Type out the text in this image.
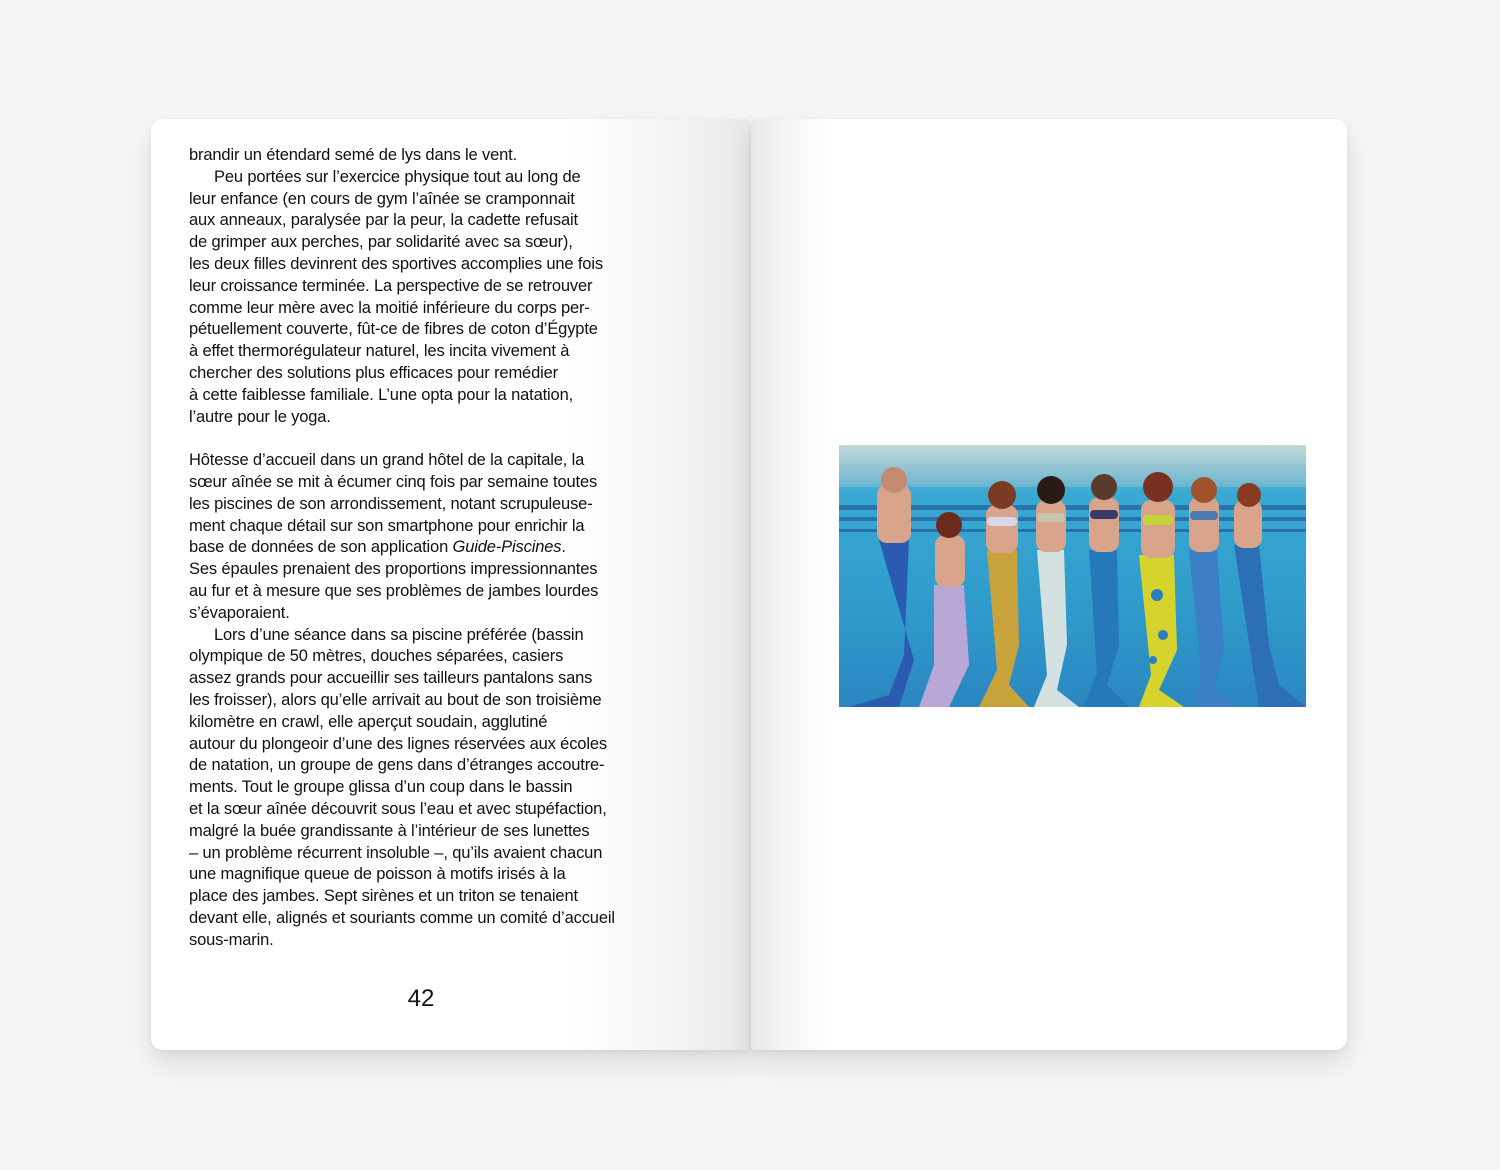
brandir un étendard semé de lys dans le vent.
Peu portées sur l’exercice physique tout au long de
leur enfance (en cours de gym l’aînée se cramponnait
aux anneaux, paralysée par la peur, la cadette refusait
de grimper aux perches, par solidarité avec sa sœur),
les deux filles devinrent des sportives accomplies une fois
leur croissance terminée. La perspective de se retrouver
comme leur mère avec la moitié inférieure du corps per-
pétuellement couverte, fût-ce de fibres de coton d’Égypte
à effet thermorégulateur naturel, les incita vivement à
chercher des solutions plus efficaces pour remédier
à cette faiblesse familiale. L’une opta pour la natation,
l’autre pour le yoga.
Hôtesse d’accueil dans un grand hôtel de la capitale, la
sœur aînée se mit à écumer cinq fois par semaine toutes
les piscines de son arrondissement, notant scrupuleuse-
ment chaque détail sur son smartphone pour enrichir la
base de données de son application Guide-Piscines.
Ses épaules prenaient des proportions impressionnantes
au fur et à mesure que ses problèmes de jambes lourdes
s’évaporaient.
Lors d’une séance dans sa piscine préférée (bassin
olympique de 50 mètres, douches séparées, casiers
assez grands pour accueillir ses tailleurs pantalons sans
les froisser), alors qu’elle arrivait au bout de son troisième
kilomètre en crawl, elle aperçut soudain, agglutiné
autour du plongeoir d’une des lignes réservées aux écoles
de natation, un groupe de gens dans d’étranges accoutre-
ments. Tout le groupe glissa d’un coup dans le bassin
et la sœur aînée découvrit sous l’eau et avec stupéfaction,
malgré la buée grandissante à l’intérieur de ses lunettes
– un problème récurrent insoluble –, qu’ils avaient chacun
une magnifique queue de poisson à motifs irisés à la
place des jambes. Sept sirènes et un triton se tenaient
devant elle, alignés et souriants comme un comité d’accueil
sous-marin.
42
